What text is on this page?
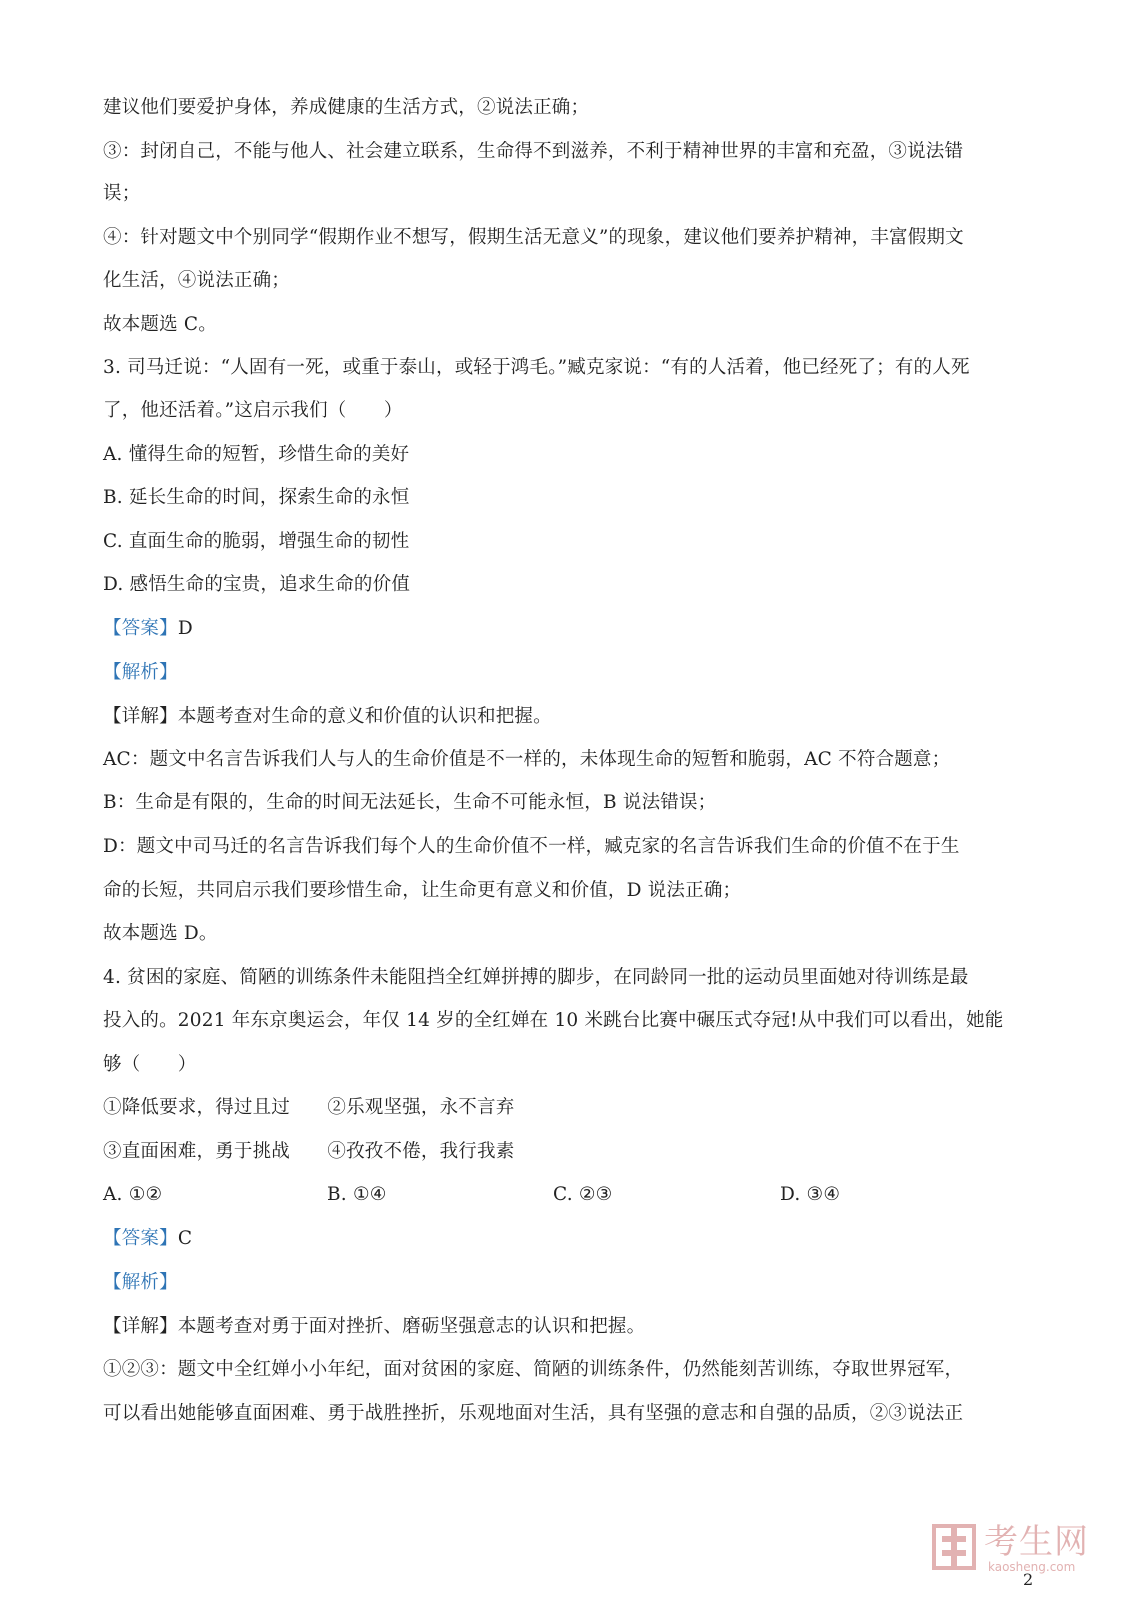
建议他们要爱护身体，养成健康的生活方式，②说法正确；
③：封闭自己，不能与他人、社会建立联系，生命得不到滋养，不利于精神世界的丰富和充盈，③说法错
误；
④：针对题文中个别同学“假期作业不想写，假期生活无意义”的现象，建议他们要养护精神，丰富假期文
化生活，④说法正确；
故本题选 C。
3. 司马迁说：“人固有一死，或重于泰山，或轻于鸿毛。”臧克家说：“有的人活着，他已经死了；有的人死
了，他还活着。”这启示我们（　　）
A. 懂得生命的短暂，珍惜生命的美好
B. 延长生命的时间，探索生命的永恒
C. 直面生命的脆弱，增强生命的韧性
D. 感悟生命的宝贵，追求生命的价值
【答案】D
【解析】
【详解】本题考查对生命的意义和价值的认识和把握。
AC：题文中名言告诉我们人与人的生命价值是不一样的，未体现生命的短暂和脆弱，AC 不符合题意；
B：生命是有限的，生命的时间无法延长，生命不可能永恒，B 说法错误；
D：题文中司马迁的名言告诉我们每个人的生命价值不一样，臧克家的名言告诉我们生命的价值不在于生
命的长短，共同启示我们要珍惜生命，让生命更有意义和价值，D 说法正确；
故本题选 D。
4. 贫困的家庭、简陋的训练条件未能阻挡全红婵拼搏的脚步，在同龄同一批的运动员里面她对待训练是最
投入的。2021 年东京奥运会，年仅 14 岁的全红婵在 10 米跳台比赛中碾压式夺冠!从中我们可以看出，她能
够（　　）
①降低要求，得过且过　　②乐观坚强，永不言弃
③直面困难，勇于挑战　　④孜孜不倦，我行我素
A. ①②	B. ①④	C. ②③	D. ③④
【答案】C
【解析】
【详解】本题考查对勇于面对挫折、磨砺坚强意志的认识和把握。
①②③：题文中全红婵小小年纪，面对贫困的家庭、简陋的训练条件，仍然能刻苦训练，夺取世界冠军，
可以看出她能够直面困难、勇于战胜挫折，乐观地面对生活，具有坚强的意志和自强的品质，②③说法正
考生网
kaosheng.com
2
